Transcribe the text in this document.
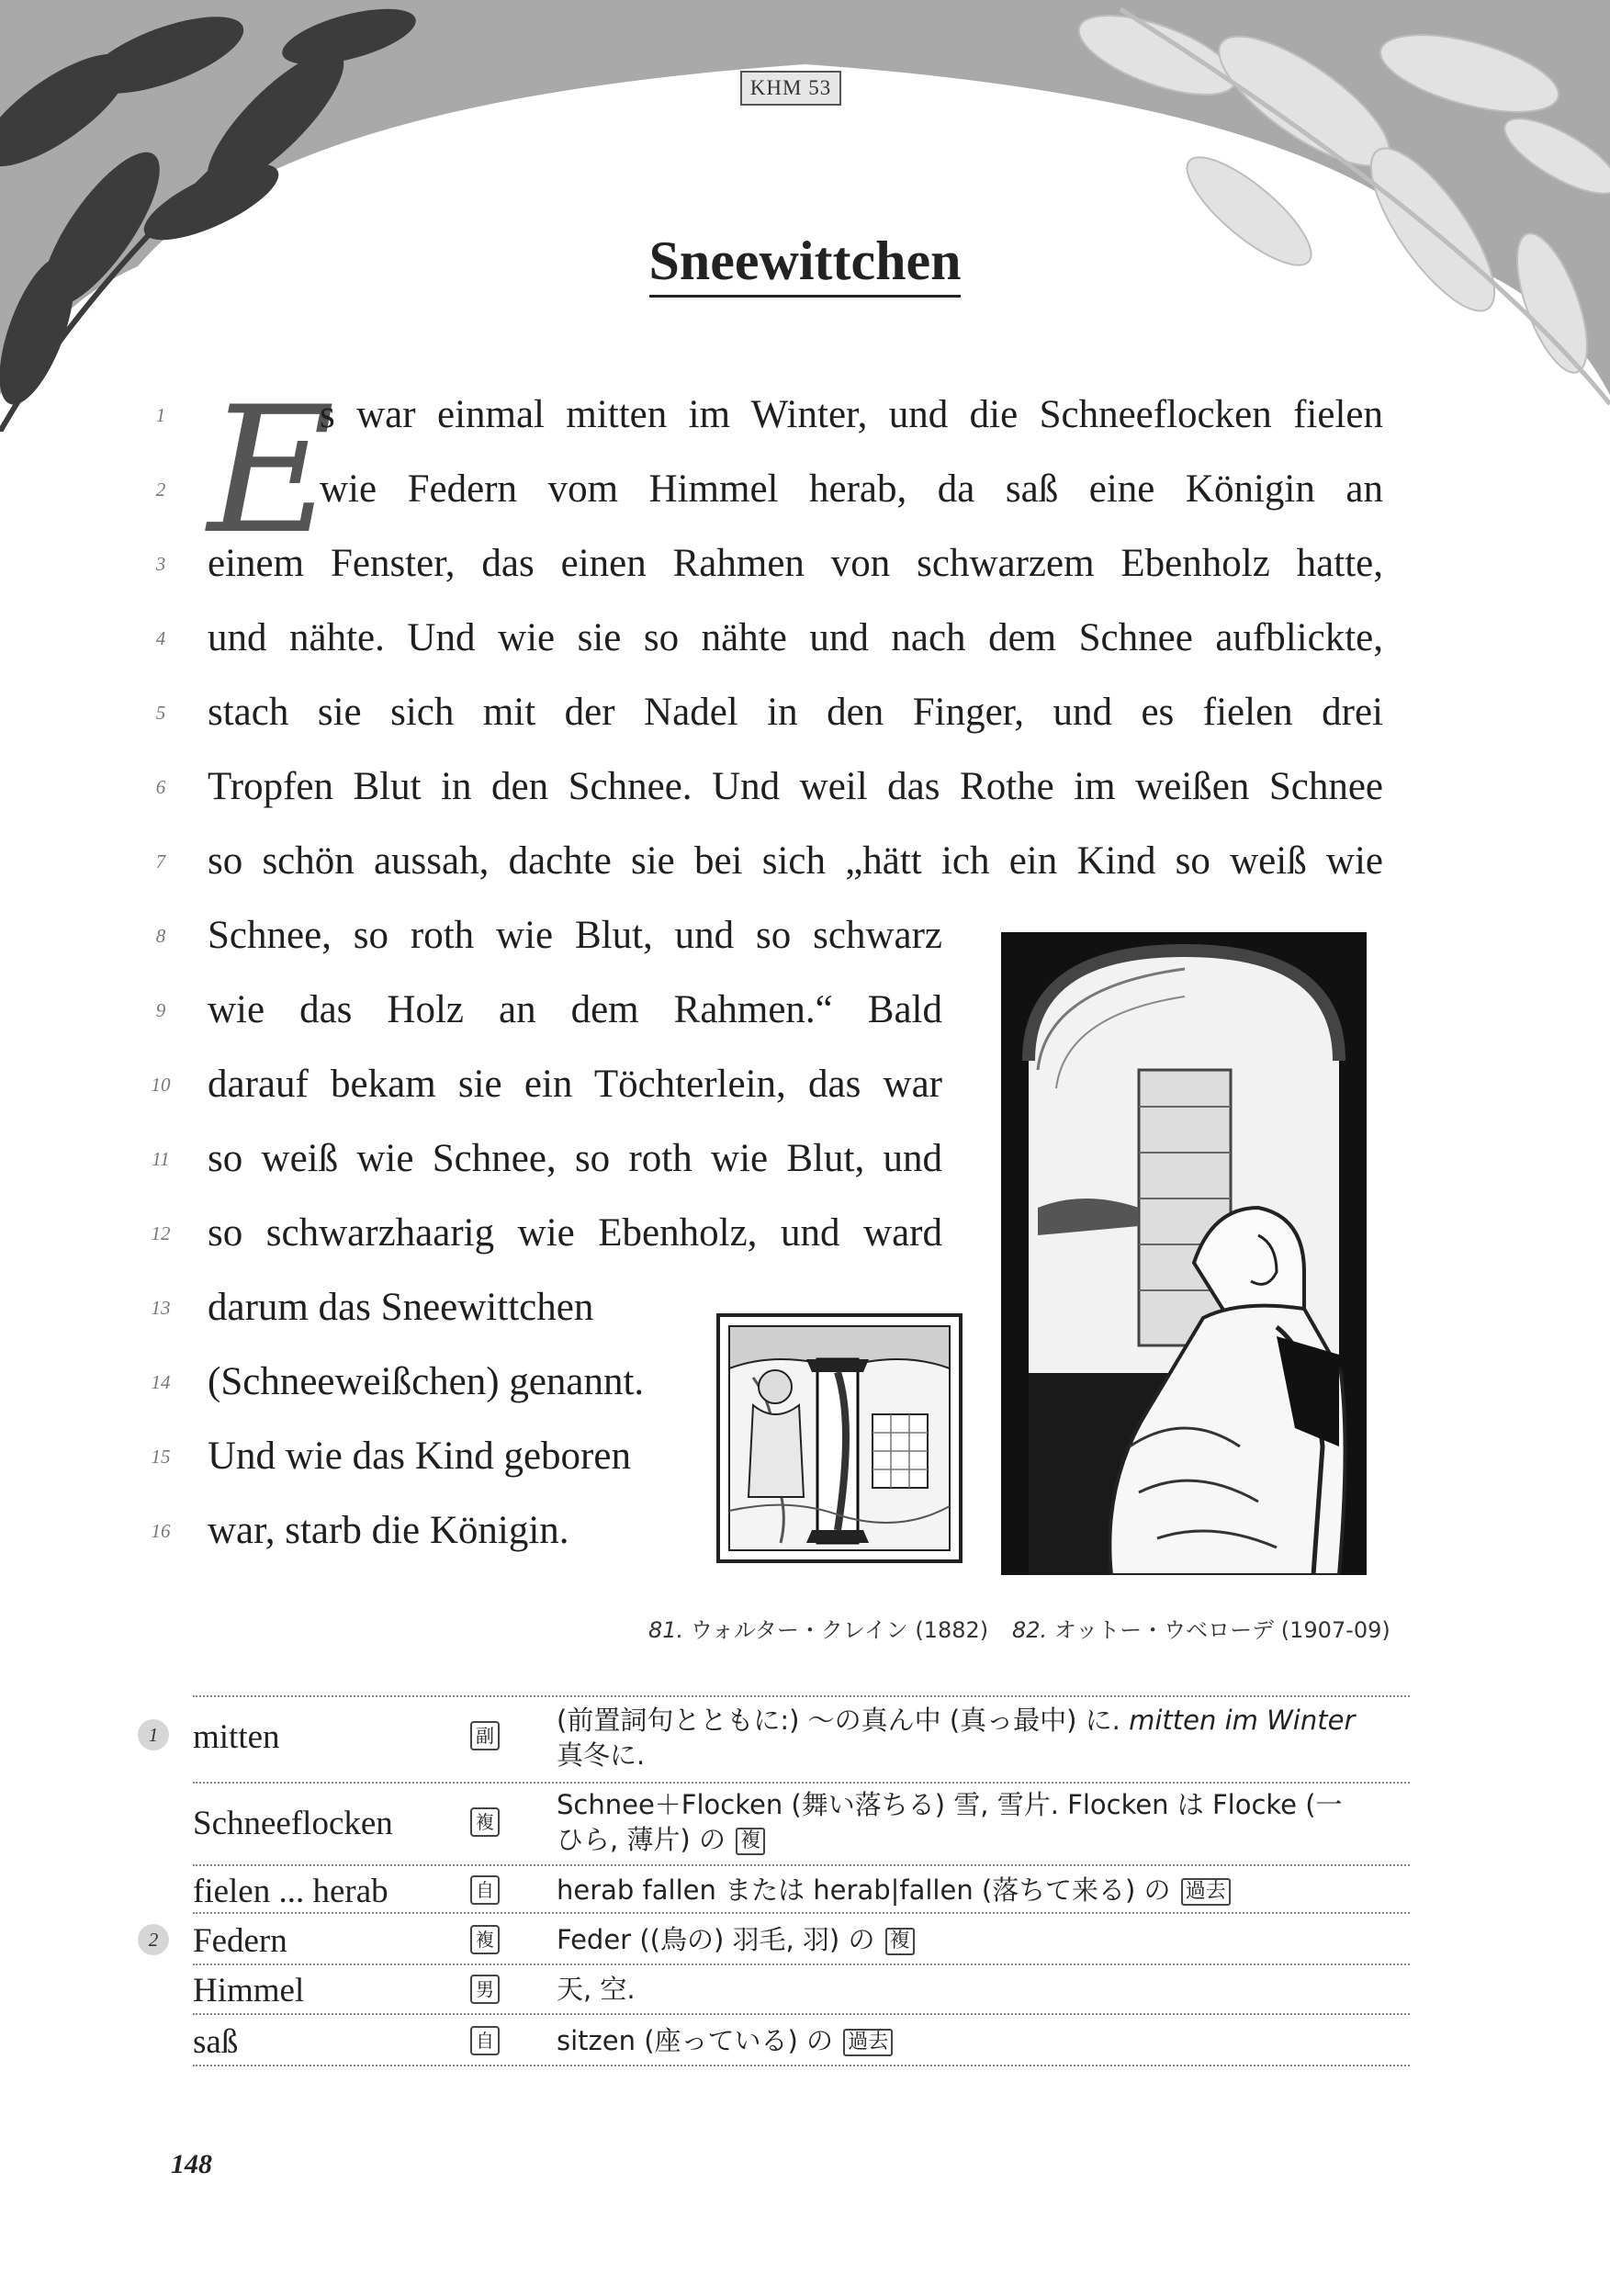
KHM 53
Sneewittchen
1
2
3
4
5
6
7
8
9
10
11
12
13
14
15
16
E
s war einmal mitten im Winter, und die Schneeflocken fielen
wie Federn vom Himmel herab, da saß eine Königin an
einem Fenster, das einen Rahmen von schwarzem Ebenholz hatte,
und nähte. Und wie sie so nähte und nach dem Schnee aufblickte,
stach sie sich mit der Nadel in den Finger, und es fielen drei
Tropfen Blut in den Schnee. Und weil das Rothe im weißen Schnee
so schön aussah, dachte sie bei sich „hätt ich ein Kind so weiß wie
Schnee, so roth wie Blut, und so schwarz
wie das Holz an dem Rahmen.“ Bald
darauf bekam sie ein Töchterlein, das war
so weiß wie Schnee, so roth wie Blut, und
so schwarzhaarig wie Ebenholz, und ward
darum das Sneewittchen
(Schneeweißchen) genannt.
Und wie das Kind geboren
war, starb die Königin.
81. ウォルター・クレイン (1882) 82. オットー・ウベローデ (1907-09)
1	mitten	副 (前置詞句とともに:) ～の真ん中 (真っ最中) に. mitten im Winter
真冬に.
Schneeflocken	複
Schnee＋Flocken (舞い落ちる) 雪, 雪片. Flocken は Flocke (一
ひら, 薄片) の 複
fielen ... herab	自 herab fallen または herab|fallen (落ちて来る) の 過去
2	Federn	複 Feder ((鳥の) 羽毛, 羽) の 複
Himmel	男 天, 空.
saß	自 sitzen (座っている) の 過去
148
